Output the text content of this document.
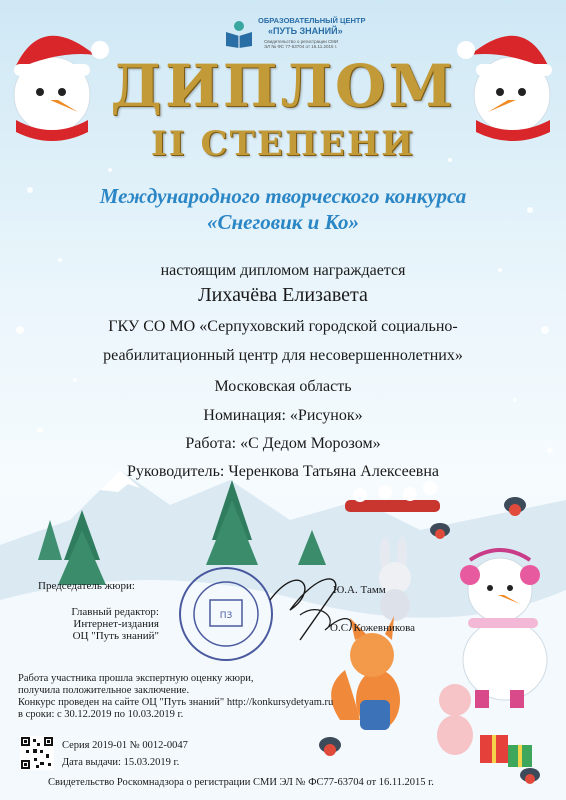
ПЗ
ОБРАЗОВАТЕЛЬНЫЙ ЦЕНТР
«ПУТЬ ЗНАНИЙ»
Свидетельство о регистрации СМИ
ЭЛ № ФС 77-63704 от 16.11.2015 г.
ДИПЛОМ
II СТЕПЕНИ
Международного творческого конкурса
«Снеговик и Ко»
настоящим дипломом награждается
Лихачёва Елизавета
ГКУ СО МО «Серпуховский городской социально-
реабилитационный центр для несовершеннолетних»
Московская область
Номинация: «Рисунок»
Работа: «С Дедом Морозом»
Руководитель: Черенкова Татьяна Алексеевна
Председатель жюри:	Ю.А. Тамм
Главный редактор:
Интернет-издания
ОЦ "Путь знаний"
О.С. Кожевникова
Работа участника прошла экспертную оценку жюри,
получила положительное заключение.
Конкурс проведен на сайте ОЦ "Путь знаний" http://konkursydetyam.ru
в сроки: с 30.12.2019 по 10.03.2019 г.
Серия 2019-01 № 0012-0047
Дата выдачи: 15.03.2019 г.
Свидетельство Роскомнадзора о регистрации СМИ ЭЛ № ФС77-63704 от 16.11.2015 г.
